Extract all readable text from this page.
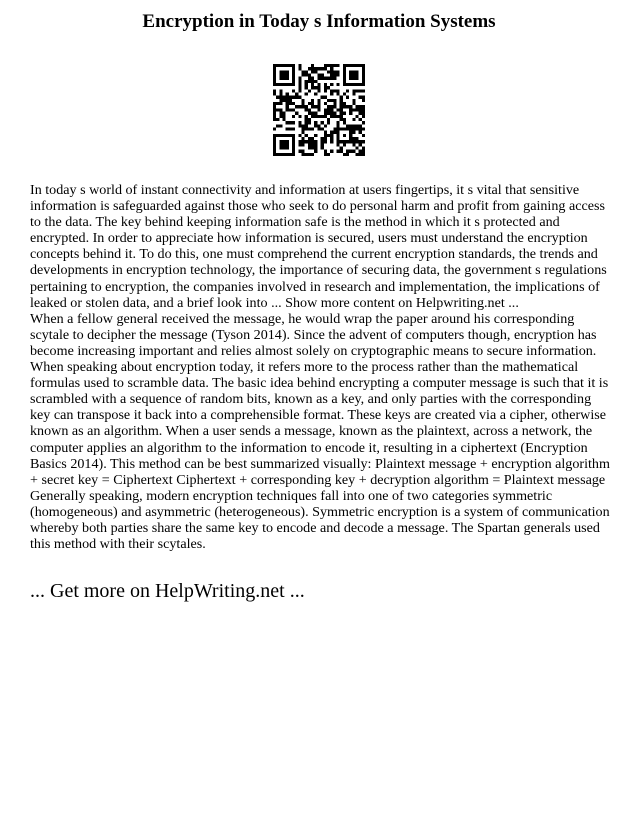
Encryption in Today s Information Systems

In today s world of instant connectivity and information at users fingertips, it s vital that sensitive information is safeguarded against those who seek to do personal harm and profit from gaining access to the data. The key behind keeping information safe is the method in which it s protected and encrypted. In order to appreciate how information is secured, users must understand the encryption concepts behind it. To do this, one must comprehend the current encryption standards, the trends and developments in encryption technology, the importance of securing data, the government s regulations pertaining to encryption, the companies involved in research and implementation, the implications of leaked or stolen data, and a brief look into ... Show more content on Helpwriting.net ...

When a fellow general received the message, he would wrap the paper around his corresponding scytale to decipher the message (Tyson 2014). Since the advent of computers though, encryption has become increasing important and relies almost solely on cryptographic means to secure information. When speaking about encryption today, it refers more to the process rather than the mathematical formulas used to scramble data. The basic idea behind encrypting a computer message is such that it is scrambled with a sequence of random bits, known as a key, and only parties with the corresponding key can transpose it back into a comprehensible format. These keys are created via a cipher, otherwise known as an algorithm. When a user sends a message, known as the plaintext, across a network, the computer applies an algorithm to the information to encode it, resulting in a ciphertext (Encryption Basics 2014). This method can be best summarized visually: Plaintext message + encryption algorithm + secret key = Ciphertext Ciphertext + corresponding key + decryption algorithm = Plaintext message Generally speaking, modern encryption techniques fall into one of two categories symmetric (homogeneous) and asymmetric (heterogeneous). Symmetric encryption is a system of communication whereby both parties share the same key to encode and decode a message. The Spartan generals used this method with their scytales.

... Get more on HelpWriting.net ...
